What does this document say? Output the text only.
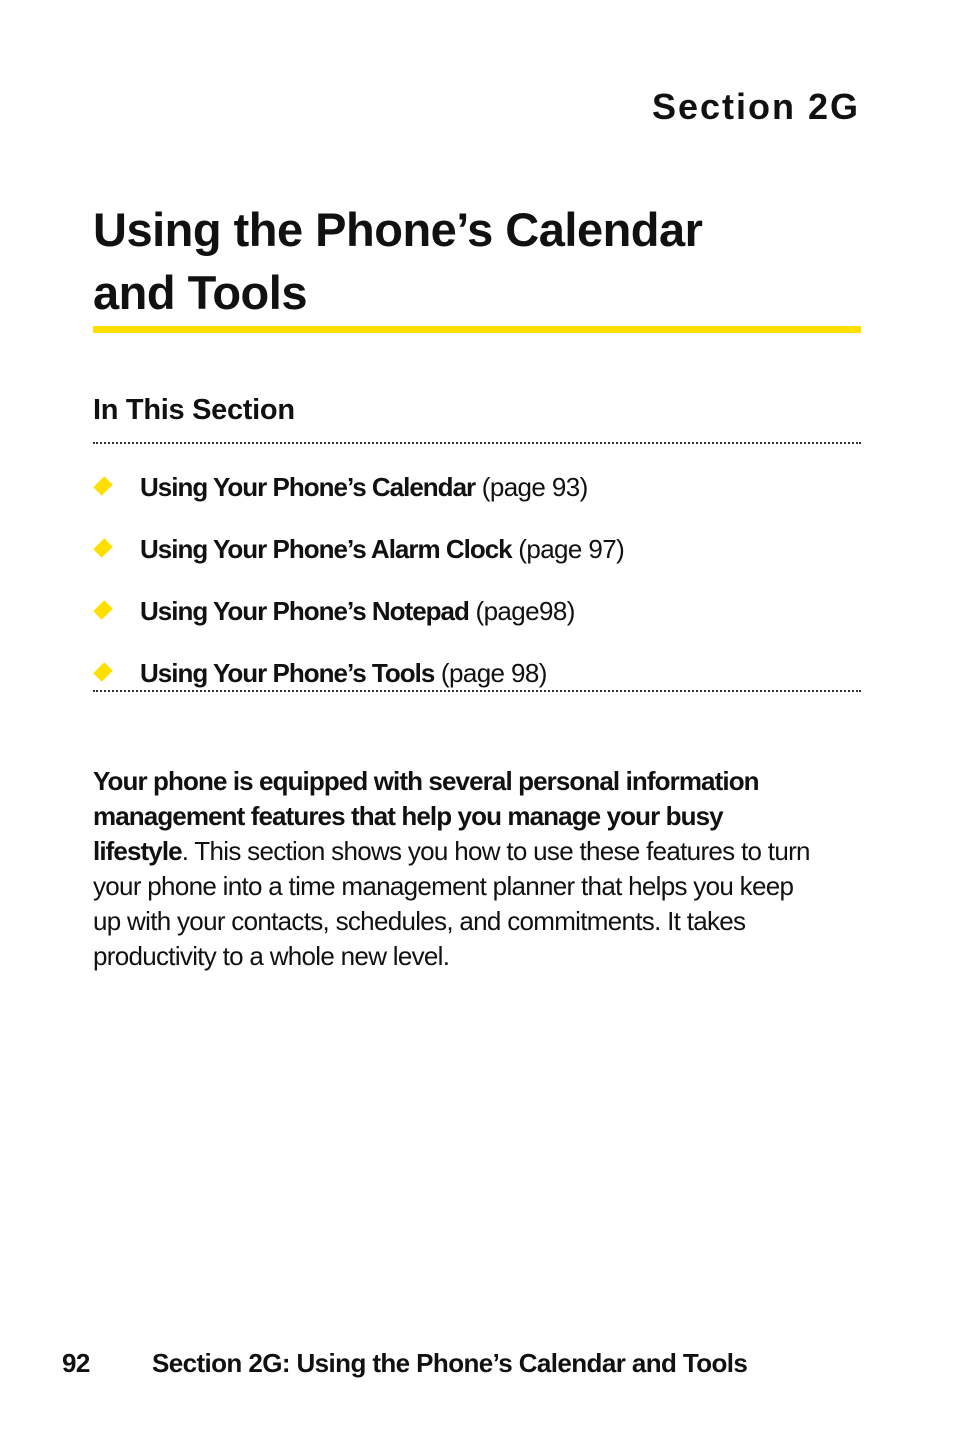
Section 2G
Using the Phone’s Calendar
and Tools
In This Section
Using Your Phone’s Calendar (page 93)
Using Your Phone’s Alarm Clock (page 97)
Using Your Phone’s Notepad (page98)
Using Your Phone’s Tools (page 98)

Your phone is equipped with several personal information management features that help you manage your busy lifestyle. This section shows you how to use these features to turn your phone into a time management planner that helps you keep up with your contacts, schedules, and commitments. It takes productivity to a whole new level.

92 Section 2G: Using the Phone’s Calendar and Tools
